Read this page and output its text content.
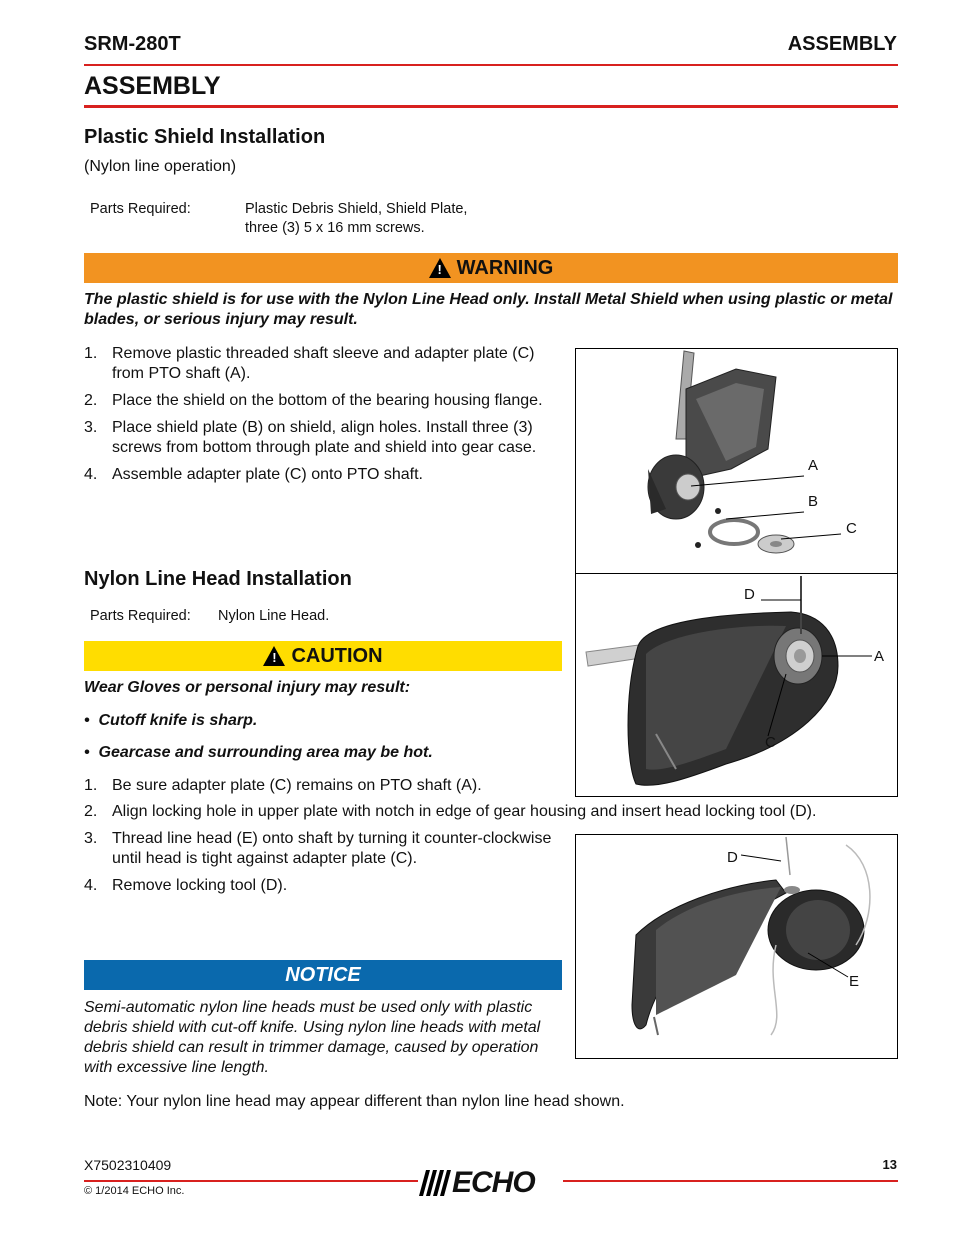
SRM-280T	ASSEMBLY
ASSEMBLY
Plastic Shield Installation
(Nylon line operation)
Parts Required:	Plastic Debris Shield, Shield Plate,
three (3) 5 x 16 mm screws.
! WARNING
The plastic shield is for use with the Nylon Line Head only. Install Metal Shield when using plastic or metal blades, or serious injury may result.
1. Remove plastic threaded shaft sleeve and adapter plate (C) from PTO shaft (A).
2. Place the shield on the bottom of the bearing housing flange.
3. Place shield plate (B) on shield, align holes. Install three (3) screws from bottom through plate and shield into gear case.
4. Assemble adapter plate (C) onto PTO shaft.
A
B
C
D
A
C
Nylon Line Head Installation
Parts Required: Nylon Line Head.
! CAUTION
Wear Gloves or personal injury may result:
•  Cutoff knife is sharp.
•  Gearcase and surrounding area may be hot.
1. Be sure adapter plate (C) remains on PTO shaft (A).
2. Align locking hole in upper plate with notch in edge of gear housing and insert head locking tool (D).
3. Thread line head (E) onto shaft by turning it counter-clockwise until head is tight against adapter plate (C).
4. Remove locking tool (D).
D
E
NOTICE
Semi-automatic nylon line heads must be used only with plastic debris shield with cut-off knife. Using nylon line heads with metal debris shield can result in trimmer damage, caused by operation with excessive line length.
Note: Your nylon line head may appear different than nylon line head shown.
X7502310409	13
© 1/2014 ECHO Inc.	ECHO
